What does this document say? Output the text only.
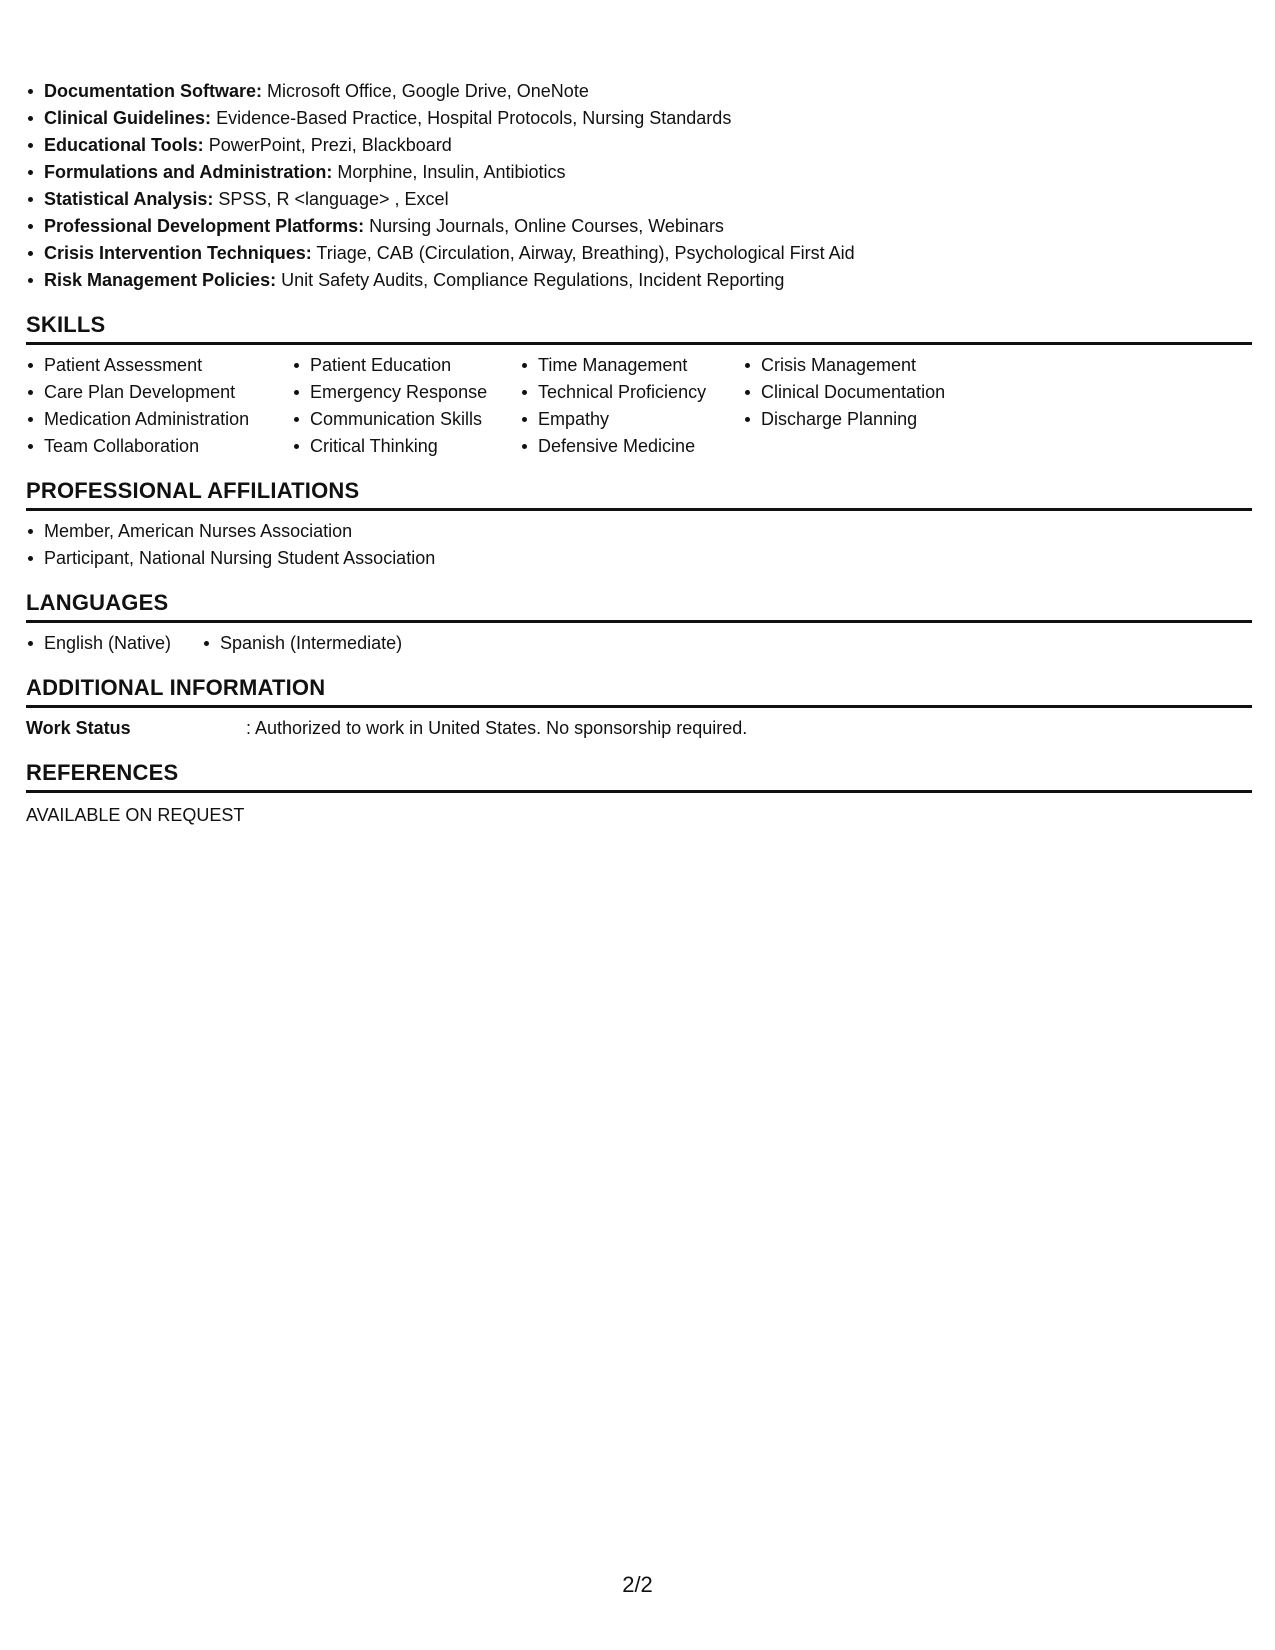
Documentation Software: Microsoft Office, Google Drive, OneNote
Clinical Guidelines: Evidence-Based Practice, Hospital Protocols, Nursing Standards
Educational Tools: PowerPoint, Prezi, Blackboard
Formulations and Administration: Morphine, Insulin, Antibiotics
Statistical Analysis: SPSS, R <language> , Excel
Professional Development Platforms: Nursing Journals, Online Courses, Webinars
Crisis Intervention Techniques: Triage, CAB (Circulation, Airway, Breathing), Psychological First Aid
Risk Management Policies: Unit Safety Audits, Compliance Regulations, Incident Reporting
SKILLS
Patient Assessment
Care Plan Development
Medication Administration
Team Collaboration
Patient Education
Emergency Response
Communication Skills
Critical Thinking
Time Management
Technical Proficiency
Empathy
Defensive Medicine
Crisis Management
Clinical Documentation
Discharge Planning
PROFESSIONAL AFFILIATIONS
Member, American Nurses Association
Participant, National Nursing Student Association
LANGUAGES
English (Native)	Spanish (Intermediate)
ADDITIONAL INFORMATION
Work Status	: Authorized to work in United States. No sponsorship required.
REFERENCES
AVAILABLE ON REQUEST
2/2
